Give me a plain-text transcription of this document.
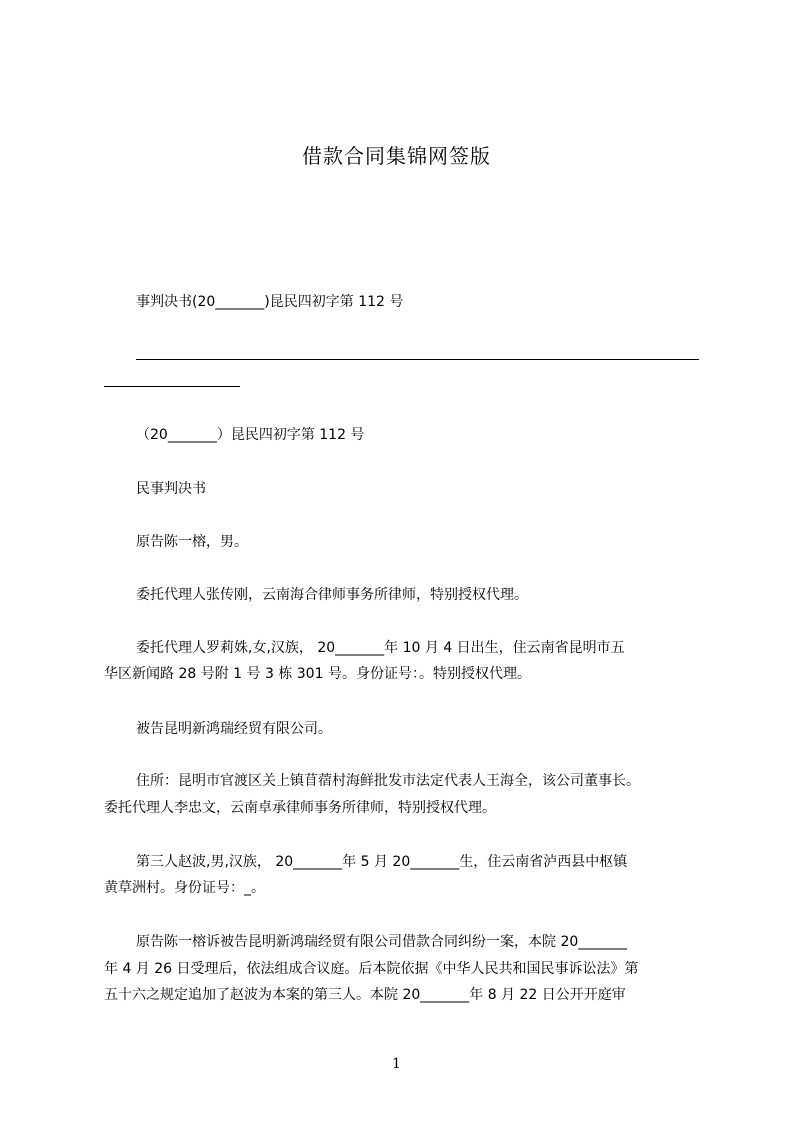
借款合同集锦网签版
事判决书(20_______)昆民四初字第 112 号
（20_______）昆民四初字第 112 号
民事判决书
原告陈一榕，男。
委托代理人张传刚，云南海合律师事务所律师，特别授权代理。
委托代理人罗莉姝,女,汉族， 20_______年 10 月 4 日出生，住云南省昆明市五
华区新闻路 28 号附 1 号 3 栋 301 号。身份证号：。特别授权代理。
被告昆明新鸿瑞经贸有限公司。
住所：昆明市官渡区关上镇苜蓿村海鲜批发市法定代表人王海全，该公司董事长。
委托代理人李忠文，云南卓承律师事务所律师，特别授权代理。
第三人赵波,男,汉族， 20_______年 5 月 20_______生，住云南省泸西县中枢镇
黄草洲村。身份证号：_。
原告陈一榕诉被告昆明新鸿瑞经贸有限公司借款合同纠纷一案，本院 20_______
年 4 月 26 日受理后，依法组成合议庭。后本院依据《中华人民共和国民事诉讼法》第
五十六之规定追加了赵波为本案的第三人。本院 20_______年 8 月 22 日公开开庭审
1
